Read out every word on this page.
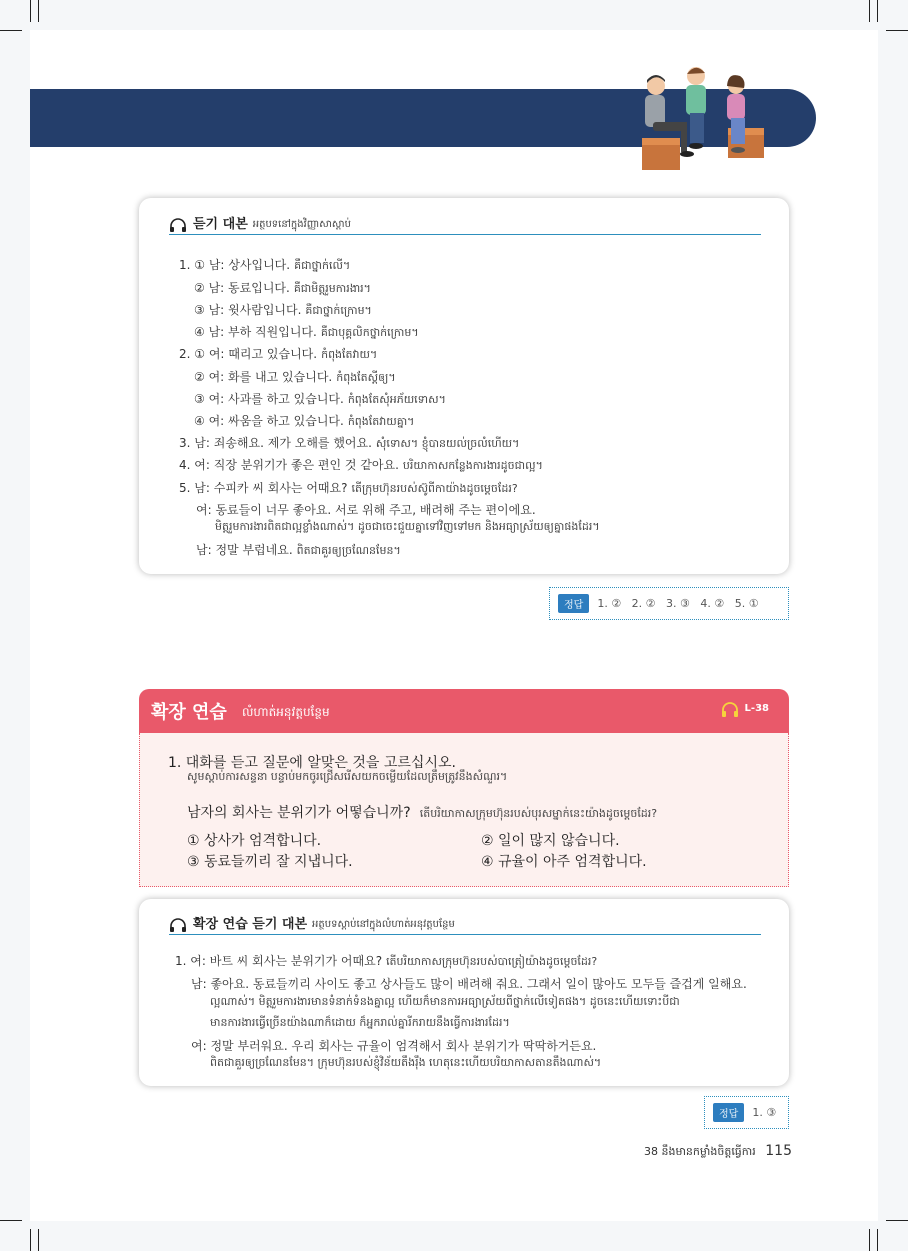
듣기 대본 អត្ថបទនៅក្នុងវិញ្ញាសាស្ដាប់
1. ① 남: 상사입니다. គឺជាថ្នាក់លើ។
② 남: 동료입니다. គឺជាមិត្តរួមការងារ។
③ 남: 윗사람입니다. គឺជាថ្នាក់ក្រោម។
④ 남: 부하 직원입니다. គឺជាបុគ្គលិកថ្នាក់ក្រោម។
2. ① 여: 때리고 있습니다. កំពុងតែវាយ។
② 여: 화를 내고 있습니다. កំពុងតែស្ដីឲ្យ។
③ 여: 사과를 하고 있습니다. កំពុងតែសុំអភ័យទោស។
④ 여: 싸움을 하고 있습니다. កំពុងតែវាយគ្នា។
3. 남: 죄송해요. 제가 오해를 했어요. សុំទោស។ ខ្ញុំបានយល់ច្រលំហើយ។
4. 여: 직장 분위기가 좋은 편인 것 같아요. បរិយាកាសកន្លែងការងារដូចជាល្អ។
5. 남: 수피카 씨 회사는 어때요? តើក្រុមហ៊ុនរបស់ស៊ូពីកាយ៉ាងដូចម្ដេចដែរ?
여: 동료들이 너무 좋아요. 서로 위해 주고, 배려해 주는 편이에요.
មិត្តរួមការងារពិតជាល្អខ្លាំងណាស់។ ដូចជាចេះជួយគ្នាទៅវិញទៅមក និងអធ្យាស្រ័យឲ្យគ្នាផងដែរ។
남: 정말 부럽네요. ពិតជាគួរឲ្យច្រណែនមែន។
정답	1. ②   2. ②   3. ③   4. ②   5. ①
확장 연습 លំហាត់អនុវត្តបន្ថែម	L-38
1. 대화를 듣고 질문에 알맞은 것을 고르십시오.
សូមស្ដាប់ការសន្ទនា បន្ទាប់មកចូរជ្រើសរើសយកចម្លើយដែលត្រឹមត្រូវនឹងសំណួរ។
남자의 회사는 분위기가 어떻습니까? តើបរិយាកាសក្រុមហ៊ុនរបស់បុរសម្នាក់នេះយ៉ាងដូចម្ដេចដែរ?
① 상사가 엄격합니다.	② 일이 많지 않습니다.
③ 동료들끼리 잘 지냅니다.	④ 규율이 아주 엄격합니다.
확장 연습 듣기 대본 អត្ថបទស្ដាប់នៅក្នុងលំហាត់អនុវត្តបន្ថែម
1. 여: 바트 씨 회사는 분위기가 어때요? តើបរិយាកាសក្រុមហ៊ុនរបស់បាត្រៀយ៉ាងដូចម្ដេចដែរ?
남: 좋아요. 동료들끼리 사이도 좋고 상사들도 많이 배려해 줘요. 그래서 일이 많아도 모두들 즐겁게 일해요.
ល្អណាស់។ មិត្តរួមការងារមានទំនាក់ទំនងគ្នាល្អ ហើយក៏មានការអធ្យាស្រ័យពីថ្នាក់លើទៀតផង។ ដូចនេះហើយទោះបីជា
មានការងារធ្វើច្រើនយ៉ាងណាក៏ដោយ ក៏អ្នករាល់គ្នារីករាយនឹងធ្វើការងារដែរ។
여: 정말 부러워요. 우리 회사는 규율이 엄격해서 회사 분위기가 딱딱하거든요.
ពិតជាគួរឲ្យច្រណែនមែន។ ក្រុមហ៊ុនរបស់ខ្ញុំវិន័យតឹងរ៉ឹង ហេតុនេះហើយបរិយាកាសតានតឹងណាស់។
정답	1. ③
38 នឹងមានកម្លាំងចិត្តធ្វើការ 115
